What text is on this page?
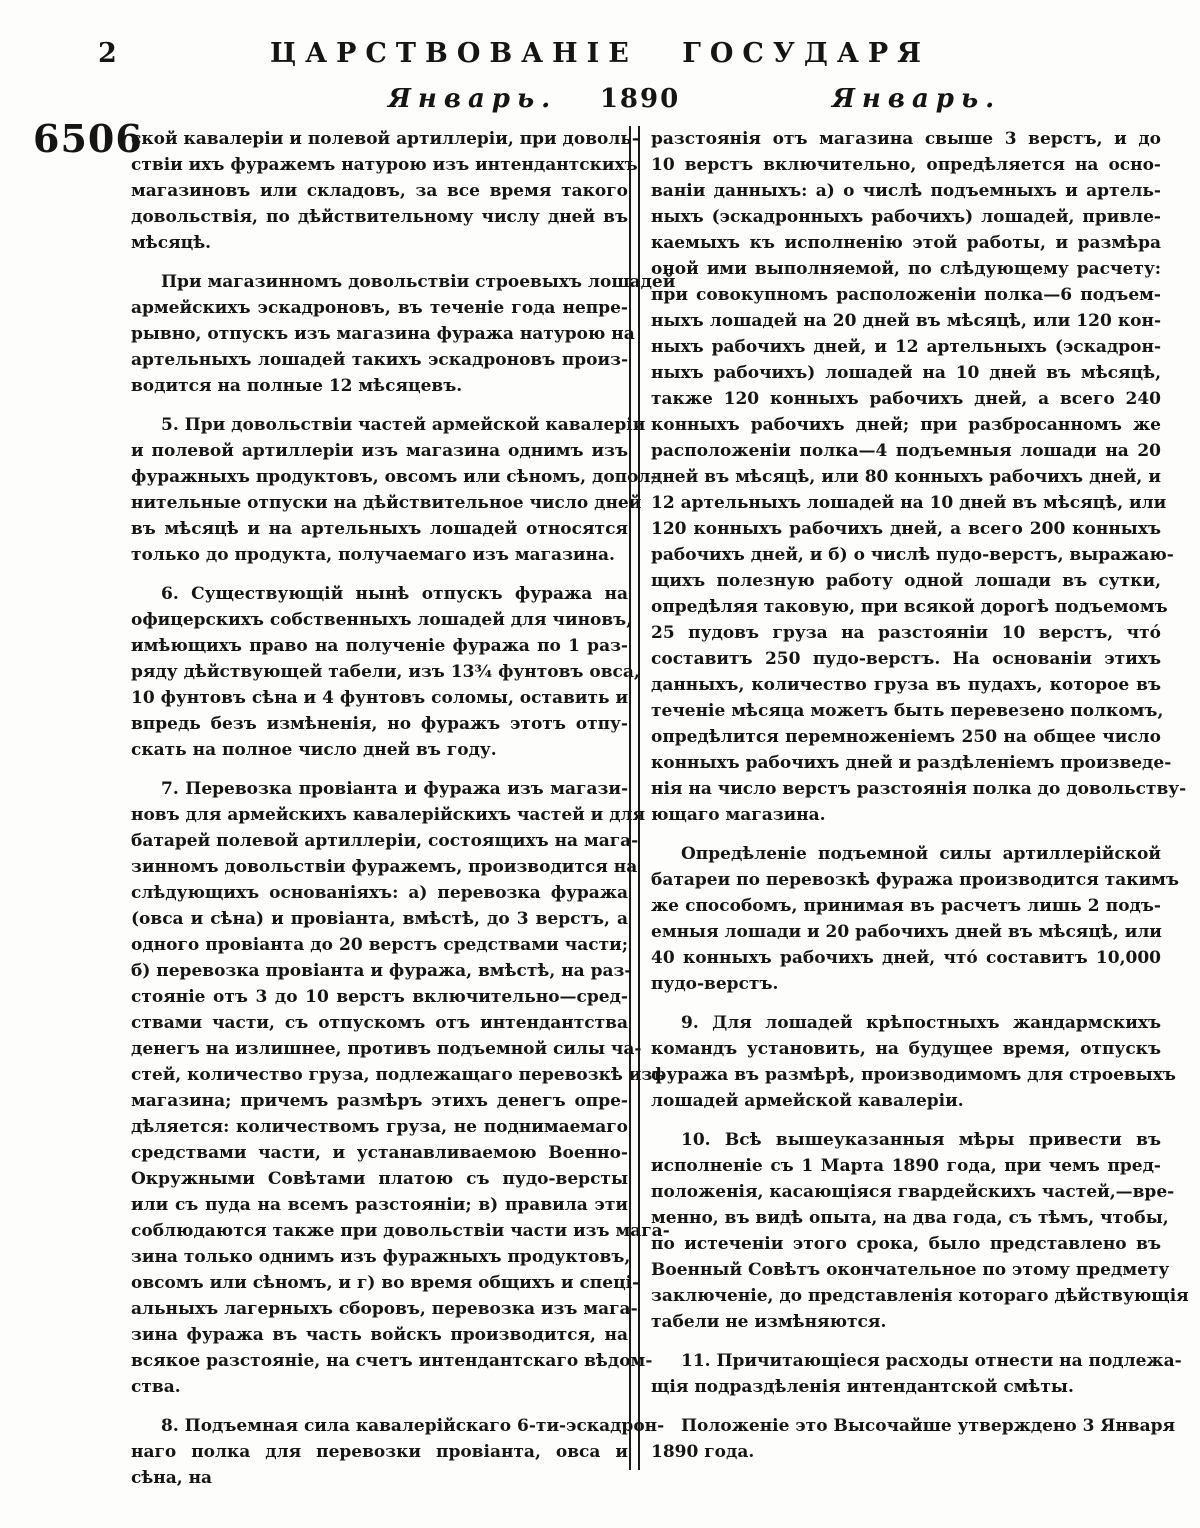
2	ЦАРСТВОВАНІЕ ГОСУДАРЯ
Январь.	1890	Январь.
6506
ской кавалеріи и полевой артиллеріи, при доволь-
ствіи ихъ фуражемъ натурою изъ интендантскихъ
магазиновъ или складовъ, за все время такого
довольствія, по дѣйствительному числу дней въ
мѣсяцѣ.
При магазинномъ довольствіи строевыхъ лошадей
армейскихъ эскадроновъ, въ теченіе года непре-
рывно, отпускъ изъ магазина фуража натурою на
артельныхъ лошадей такихъ эскадроновъ произ-
водится на полные 12 мѣсяцевъ.
5. При довольствіи частей армейской кавалеріи
и полевой артиллеріи изъ магазина однимъ изъ
фуражныхъ продуктовъ, овсомъ или сѣномъ, допол-
нительные отпуски на дѣйствительное число дней
въ мѣсяцѣ и на артельныхъ лошадей относятся
только до продукта, получаемаго изъ магазина.
6. Существующій нынѣ отпускъ фуража на
офицерскихъ собственныхъ лошадей для чиновъ,
имѣющихъ право на полученіе фуража по 1 раз-
ряду дѣйствующей табели, изъ 13¾ фунтовъ овса,
10 фунтовъ сѣна и 4 фунтовъ соломы, оставить и
впредь безъ измѣненія, но фуражъ этотъ отпу-
скать на полное число дней въ году.
7. Перевозка провіанта и фуража изъ магази-
новъ для армейскихъ кавалерійскихъ частей и для
батарей полевой артиллеріи, состоящихъ на мага-
зинномъ довольствіи фуражемъ, производится на
слѣдующихъ основаніяхъ: а) перевозка фуража
(овса и сѣна) и провіанта, вмѣстѣ, до 3 верстъ, а
одного провіанта до 20 верстъ средствами части;
б) перевозка провіанта и фуража, вмѣстѣ, на раз-
стояніе отъ 3 до 10 верстъ включительно—сред-
ствами части, съ отпускомъ отъ интендантства
денегъ на излишнее, противъ подъемной силы ча-
стей, количество груза, подлежащаго перевозкѣ изъ
магазина; причемъ размѣръ этихъ денегъ опре-
дѣляется: количествомъ груза, не поднимаемаго
средствами части, и устанавливаемою Военно-
Окружными Совѣтами платою съ пудо-версты
или съ пуда на всемъ разстояніи; в) правила эти
соблюдаются также при довольствіи части изъ мага-
зина только однимъ изъ фуражныхъ продуктовъ,
овсомъ или сѣномъ, и г) во время общихъ и спеці-
альныхъ лагерныхъ сборовъ, перевозка изъ мага-
зина фуража въ часть войскъ производится, на
всякое разстояніе, на счетъ интендантскаго вѣдом-
ства.
8. Подъемная сила кавалерійскаго 6-ти-эскадрон-
наго полка для перевозки провіанта, овса и сѣна, на
разстоянія отъ магазина свыше 3 верстъ, и до
10 верстъ включительно, опредѣляется на осно-
ваніи данныхъ: а) о числѣ подъемныхъ и артель-
ныхъ (эскадронныхъ рабочихъ) лошадей, привле-
каемыхъ къ исполненію этой работы, и размѣра
оной ими выполняемой, по слѣдующему расчету:
при совокупномъ расположеніи полка—6 подъем-
ныхъ лошадей на 20 дней въ мѣсяцѣ, или 120 кон-
ныхъ рабочихъ дней, и 12 артельныхъ (эскадрон-
ныхъ рабочихъ) лошадей на 10 дней въ мѣсяцѣ,
также 120 конныхъ рабочихъ дней, а всего 240
конныхъ рабочихъ дней; при разбросанномъ же
расположеніи полка—4 подъемныя лошади на 20
дней въ мѣсяцѣ, или 80 конныхъ рабочихъ дней, и
12 артельныхъ лошадей на 10 дней въ мѣсяцѣ, или
120 конныхъ рабочихъ дней, а всего 200 конныхъ
рабочихъ дней, и б) о числѣ пудо-верстъ, выражаю-
щихъ полезную работу одной лошади въ сутки,
опредѣляя таковую, при всякой дорогѣ подъемомъ
25 пудовъ груза на разстояніи 10 верстъ, чтó
составитъ 250 пудо-верстъ. На основаніи этихъ
данныхъ, количество груза въ пудахъ, которое въ
теченіе мѣсяца можетъ быть перевезено полкомъ,
опредѣлится перемноженіемъ 250 на общее число
конныхъ рабочихъ дней и раздѣленіемъ произведе-
нія на число верстъ разстоянія полка до довольству-
ющаго магазина.
Опредѣленіе подъемной силы артиллерійской
батареи по перевозкѣ фуража производится такимъ
же способомъ, принимая въ расчетъ лишь 2 подъ-
емныя лошади и 20 рабочихъ дней въ мѣсяцѣ, или
40 конныхъ рабочихъ дней, чтó составитъ 10,000
пудо-верстъ.
9. Для лошадей крѣпостныхъ жандармскихъ
командъ установить, на будущее время, отпускъ
фуража въ размѣрѣ, производимомъ для строевыхъ
лошадей армейской кавалеріи.
10. Всѣ вышеуказанныя мѣры привести въ
исполненіе съ 1 Марта 1890 года, при чемъ пред-
положенія, касающіяся гвардейскихъ частей,—вре-
менно, въ видѣ опыта, на два года, съ тѣмъ, чтобы,
по истеченіи этого срока, было представлено въ
Военный Совѣтъ окончательное по этому предмету
заключеніе, до представленія котораго дѣйствующія
табели не измѣняются.
11. Причитающіеся расходы отнести на подлежа-
щія подраздѣленія интендантской смѣты.
Положеніе это Высочайше утверждено 3 Января
1890 года.
